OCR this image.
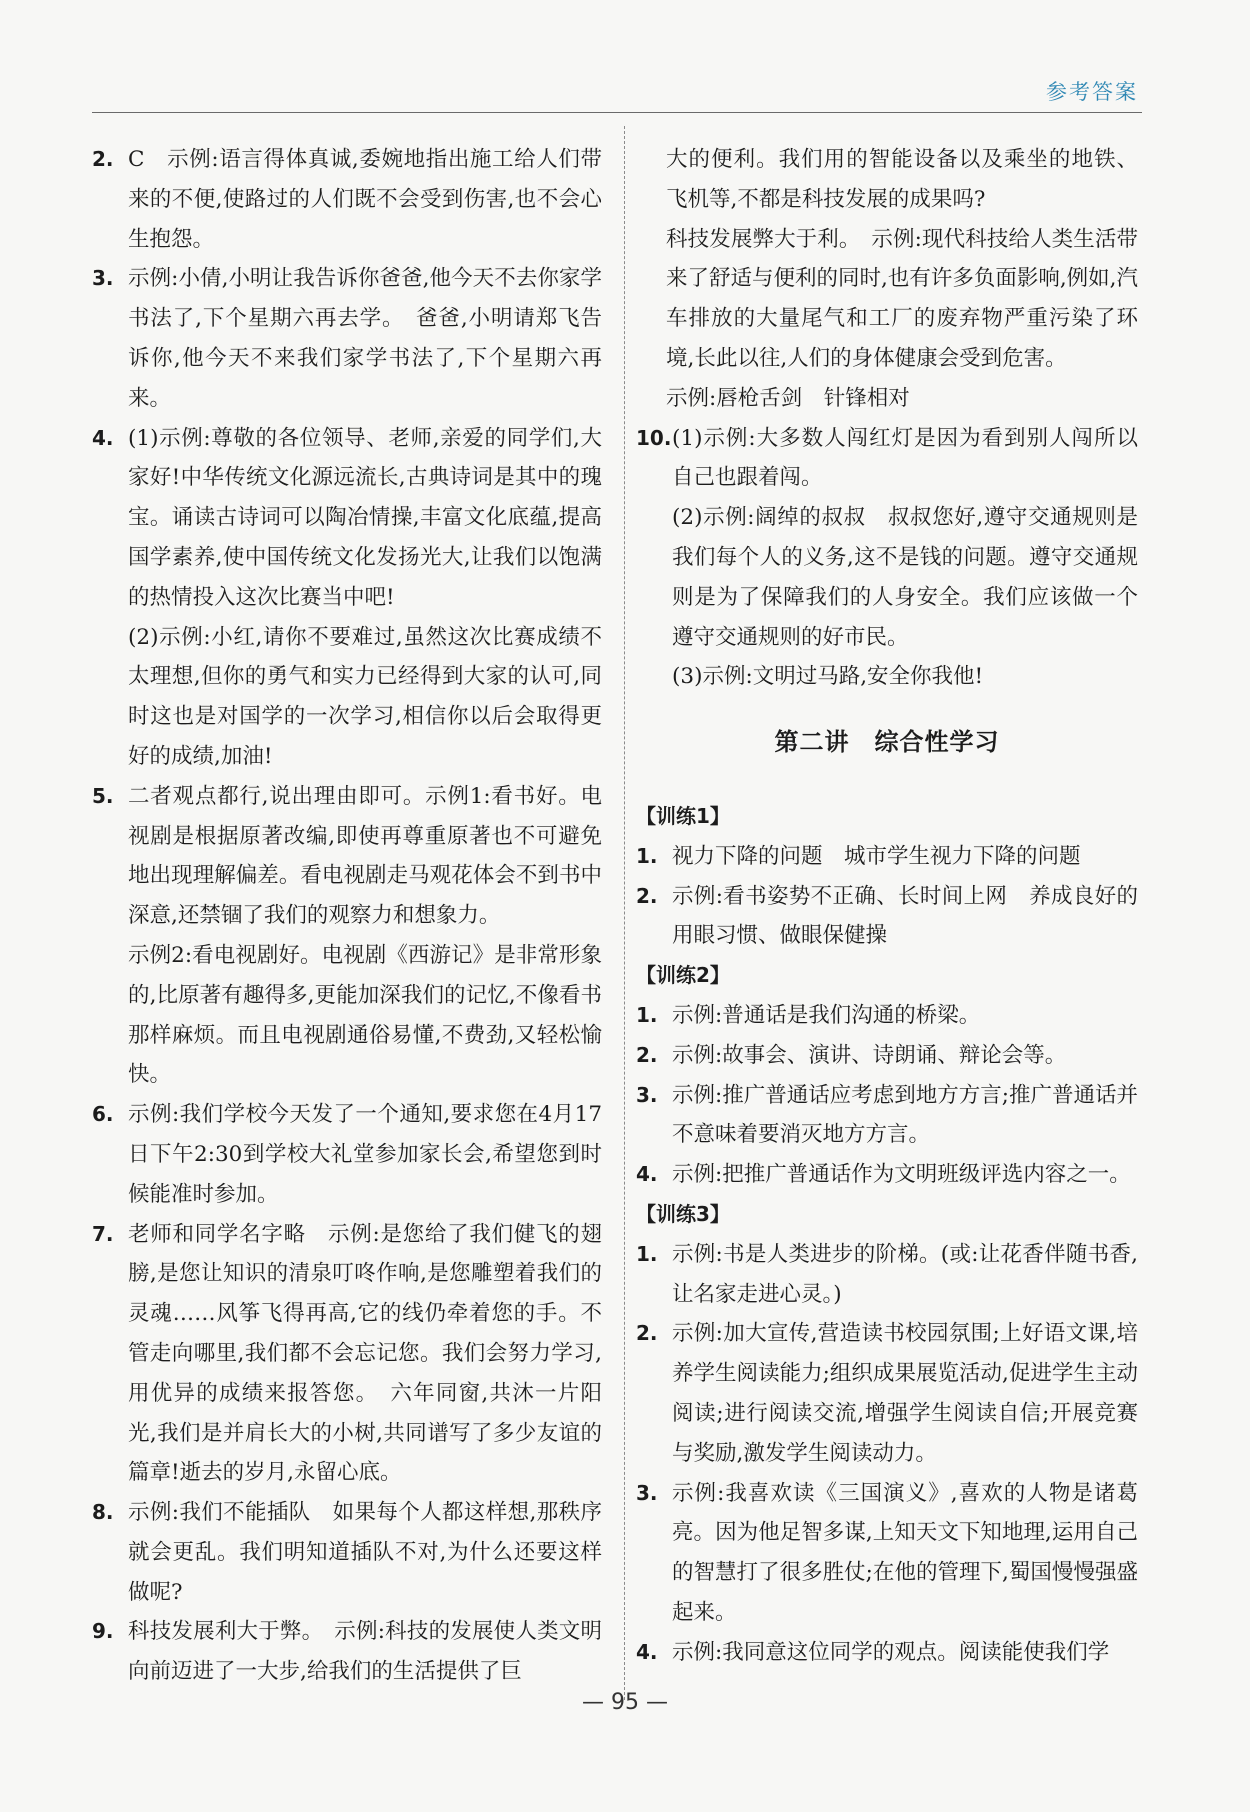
参考答案
2. C　示例:语言得体真诚,委婉地指出施工给人们带来的不便,使路过的人们既不会受到伤害,也不会心生抱怨。
3. 示例:小倩,小明让我告诉你爸爸,他今天不去你家学书法了,下个星期六再去学。　爸爸,小明请郑飞告诉你,他今天不来我们家学书法了,下个星期六再来。
4. (1)示例:尊敬的各位领导、老师,亲爱的同学们,大家好!中华传统文化源远流长,古典诗词是其中的瑰宝。诵读古诗词可以陶冶情操,丰富文化底蕴,提高国学素养,使中国传统文化发扬光大,让我们以饱满的热情投入这次比赛当中吧!
(2)示例:小红,请你不要难过,虽然这次比赛成绩不太理想,但你的勇气和实力已经得到大家的认可,同时这也是对国学的一次学习,相信你以后会取得更好的成绩,加油!
5. 二者观点都行,说出理由即可。示例1:看书好。电视剧是根据原著改编,即使再尊重原著也不可避免地出现理解偏差。看电视剧走马观花体会不到书中深意,还禁锢了我们的观察力和想象力。
示例2:看电视剧好。电视剧《西游记》是非常形象的,比原著有趣得多,更能加深我们的记忆,不像看书那样麻烦。而且电视剧通俗易懂,不费劲,又轻松愉快。
6. 示例:我们学校今天发了一个通知,要求您在4月17日下午2:30到学校大礼堂参加家长会,希望您到时候能准时参加。
7. 老师和同学名字略　示例:是您给了我们健飞的翅膀,是您让知识的清泉叮咚作响,是您雕塑着我们的灵魂……风筝飞得再高,它的线仍牵着您的手。不管走向哪里,我们都不会忘记您。我们会努力学习,用优异的成绩来报答您。　六年同窗,共沐一片阳光,我们是并肩长大的小树,共同谱写了多少友谊的篇章!逝去的岁月,永留心底。
8. 示例:我们不能插队　如果每个人都这样想,那秩序就会更乱。我们明知道插队不对,为什么还要这样做呢?
9. 科技发展利大于弊。　示例:科技的发展使人类文明向前迈进了一大步,给我们的生活提供了巨
大的便利。我们用的智能设备以及乘坐的地铁、飞机等,不都是科技发展的成果吗?
科技发展弊大于利。　示例:现代科技给人类生活带来了舒适与便利的同时,也有许多负面影响,例如,汽车排放的大量尾气和工厂的废弃物严重污染了环境,长此以往,人们的身体健康会受到危害。
示例:唇枪舌剑　针锋相对
10. (1)示例:大多数人闯红灯是因为看到别人闯所以自己也跟着闯。
(2)示例:阔绰的叔叔　叔叔您好,遵守交通规则是我们每个人的义务,这不是钱的问题。遵守交通规则是为了保障我们的人身安全。我们应该做一个遵守交通规则的好市民。
(3)示例:文明过马路,安全你我他!
第二讲　综合性学习
【训练1】
1. 视力下降的问题　城市学生视力下降的问题
2. 示例:看书姿势不正确、长时间上网　养成良好的用眼习惯、做眼保健操
【训练2】
1. 示例:普通话是我们沟通的桥梁。
2. 示例:故事会、演讲、诗朗诵、辩论会等。
3. 示例:推广普通话应考虑到地方方言;推广普通话并不意味着要消灭地方方言。
4. 示例:把推广普通话作为文明班级评选内容之一。
【训练3】
1. 示例:书是人类进步的阶梯。(或:让花香伴随书香,让名家走进心灵。)
2. 示例:加大宣传,营造读书校园氛围;上好语文课,培养学生阅读能力;组织成果展览活动,促进学生主动阅读;进行阅读交流,增强学生阅读自信;开展竞赛与奖励,激发学生阅读动力。
3. 示例:我喜欢读《三国演义》,喜欢的人物是诸葛亮。因为他足智多谋,上知天文下知地理,运用自己的智慧打了很多胜仗;在他的管理下,蜀国慢慢强盛起来。
4. 示例:我同意这位同学的观点。阅读能使我们学
— 95 —
